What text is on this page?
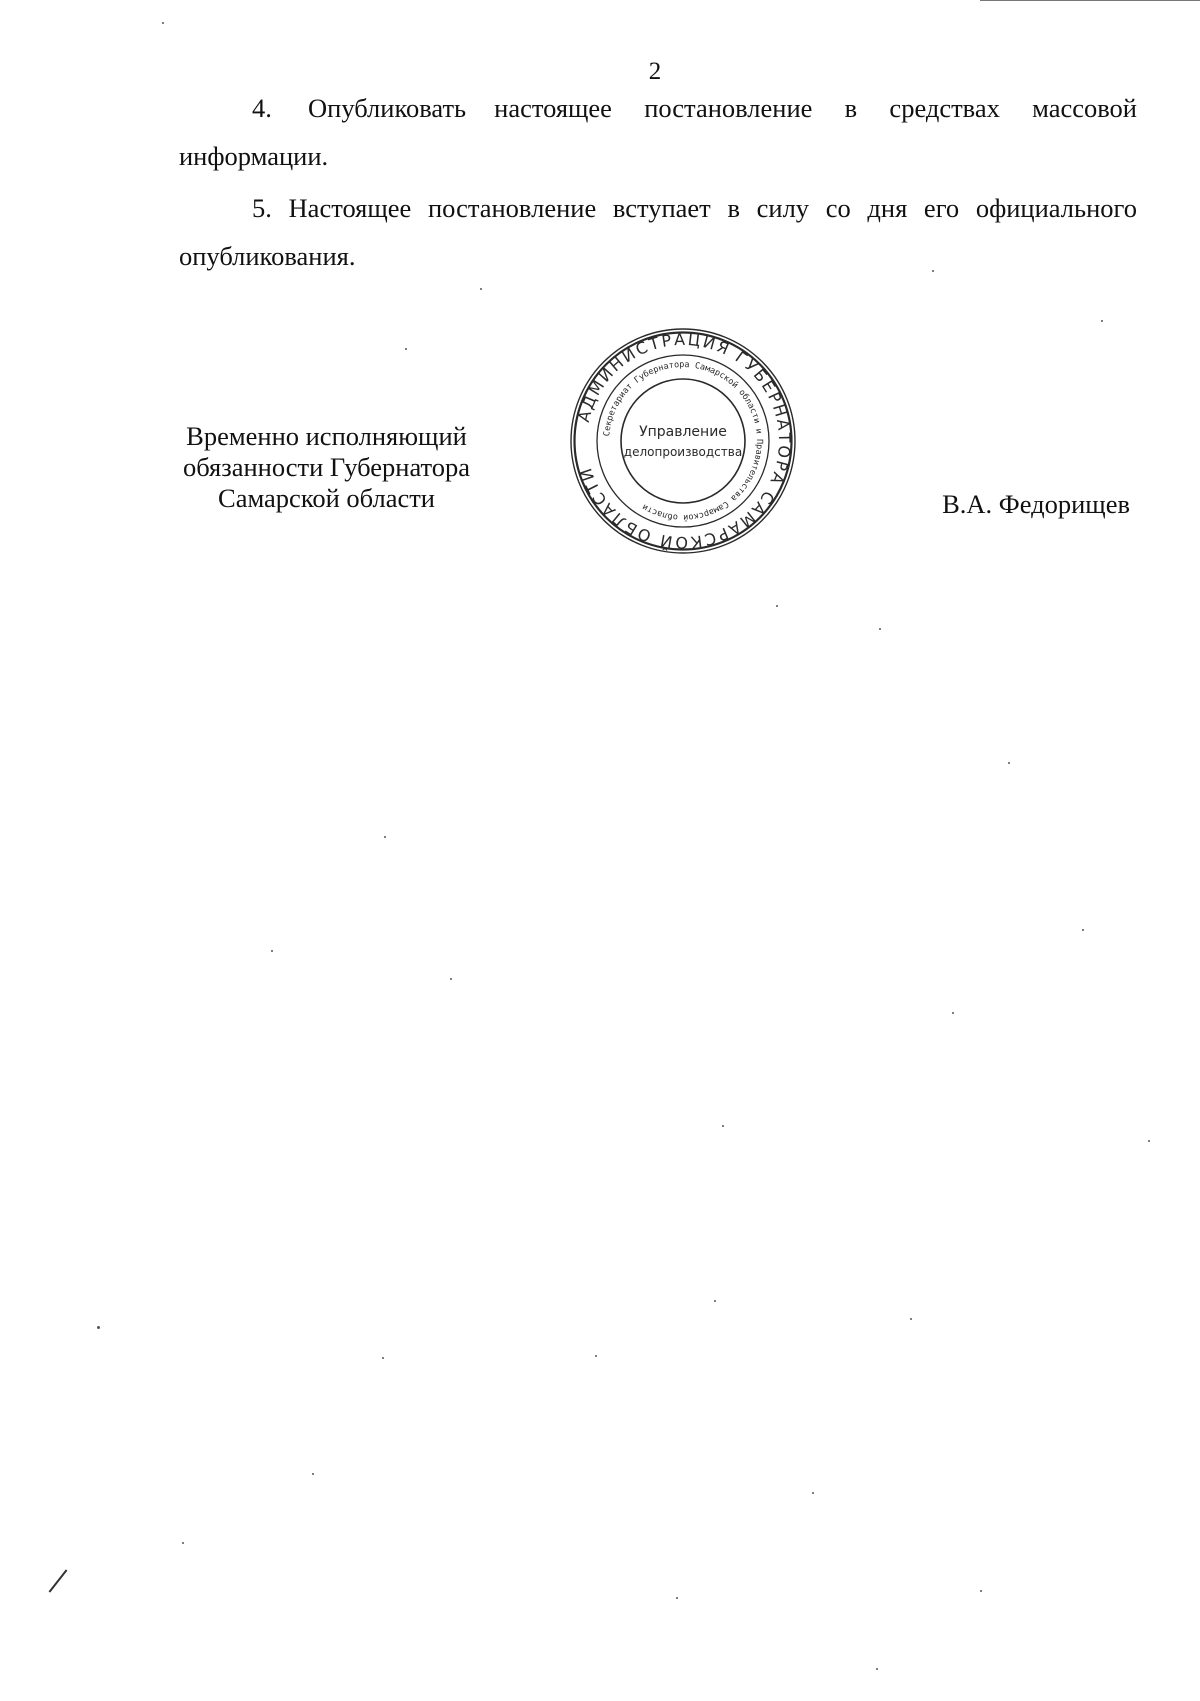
2
4. Опубликовать настоящее постановление в средствах массовой
информации.
5. Настоящее постановление вступает в силу со дня его официального
опубликования.
Временно исполняющий
обязанности Губернатора
Самарской области
АДМИНИСТРАЦИЯ ГУБЕРНАТОРА САМАРСКОЙ ОБЛАСТИ
Секретариат Губернатора Самарской области и Правительства Самарской области
Управление
делопроизводства
В.А. Федорищев
